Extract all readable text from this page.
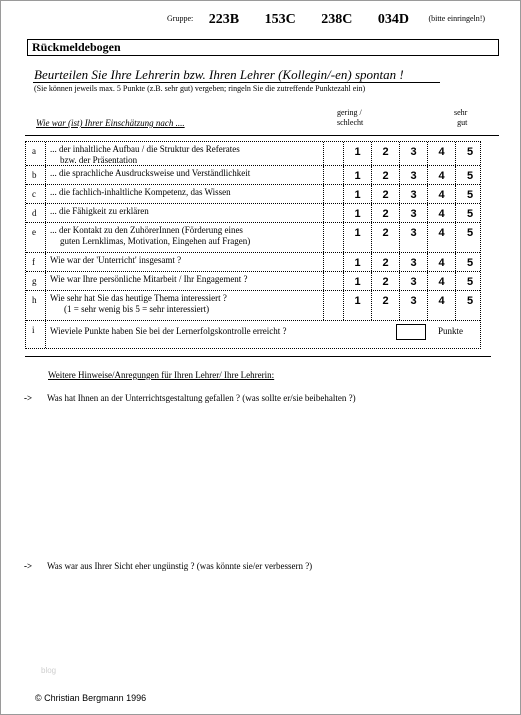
Gruppe: 223B 153C 238C 034D (bitte einringeln!)
Rückmeldebogen
Beurteilen Sie Ihre Lehrerin bzw. Ihren Lehrer (Kollegin/-en) spontan !
(Sie können jeweils max. 5 Punkte (z.B. sehr gut) vergeben; ringeln Sie die zutreffende Punktezahl ein)
gering /
schlecht
sehr
gut
Wie war (ist) Ihrer Einschätzung nach ....
a	... der inhaltliche Aufbau / die Struktur des Referates
bzw. der Präsentation
1	2	3	4	5
b	... die sprachliche Ausdrucksweise und Verständlichkeit	1	2	3	4	5
c	... die fachlich-inhaltliche Kompetenz, das Wissen	1	2	3	4	5
d	... die Fähigkeit zu erklären	1	2	3	4	5
e	... der Kontakt zu den ZuhörerInnen (Förderung eines
guten Lernklimas, Motivation, Eingehen auf Fragen)
1	2	3	4	5
f	Wie war der 'Unterricht' insgesamt ?	1	2	3	4	5
g	Wie war Ihre persönliche Mitarbeit / Ihr Engagement ?	1	2	3	4	5
h	Wie sehr hat Sie das heutige Thema interessiert ?
(1 = sehr wenig bis 5 = sehr interessiert)
1	2	3	4	5
i	Wieviele Punkte haben Sie bei der Lernerfolgskontrolle erreicht ?	Punkte
Weitere Hinweise/Anregungen für Ihren Lehrer/ Ihre Lehrerin:
-> Was hat Ihnen an der Unterrichtsgestaltung gefallen ? (was sollte er/sie beibehalten ?)
-> Was war aus Ihrer Sicht eher ungünstig ? (was könnte sie/er verbessern ?)
blog
© Christian Bergmann 1996
